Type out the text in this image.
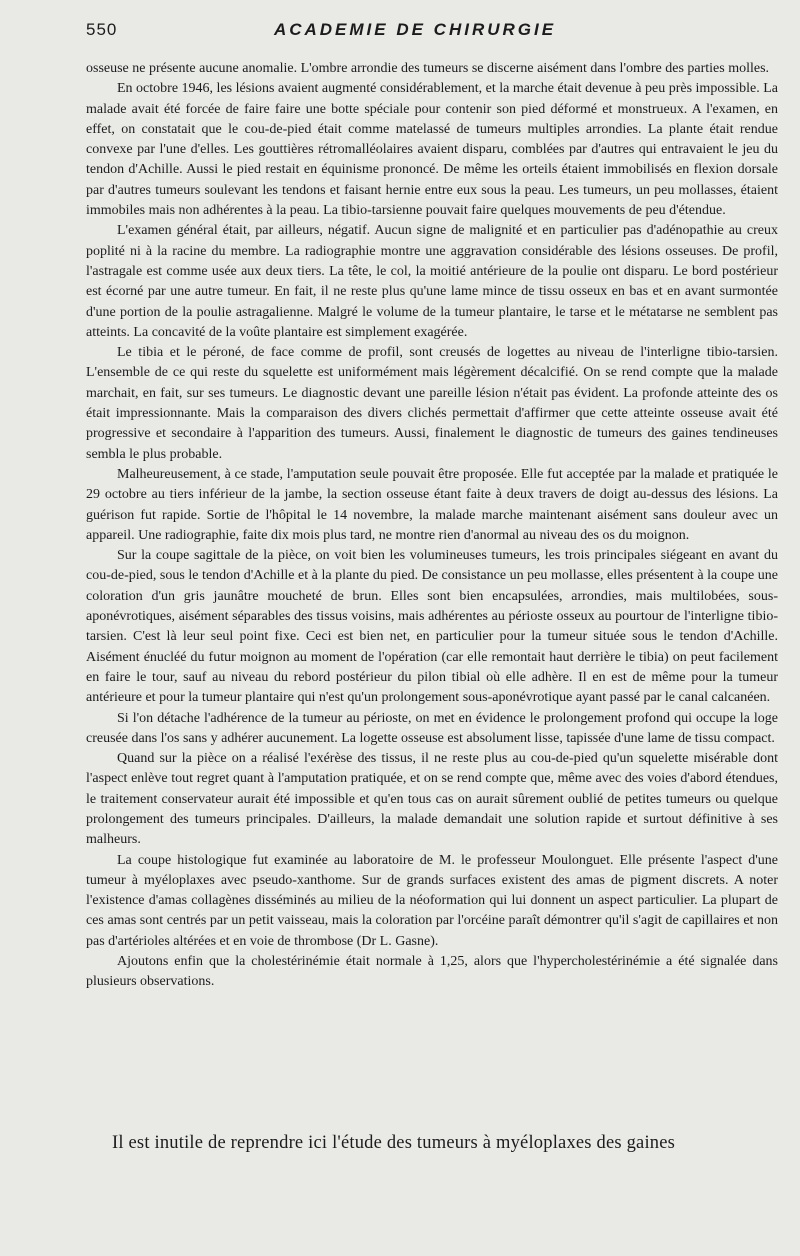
550	ACADEMIE DE CHIRURGIE

osseuse ne présente aucune anomalie. L'ombre arrondie des tumeurs se discerne aisément dans l'ombre des parties molles.

En octobre 1946, les lésions avaient augmenté considérablement, et la marche était devenue à peu près impossible. La malade avait été forcée de faire faire une botte spéciale pour contenir son pied déformé et monstrueux. A l'examen, en effet, on constatait que le cou-de-pied était comme matelassé de tumeurs multiples arrondies. La plante était rendue convexe par l'une d'elles. Les gouttières rétromalléolaires avaient disparu, comblées par d'autres qui entravaient le jeu du tendon d'Achille. Aussi le pied restait en équinisme prononcé. De même les orteils étaient immobilisés en flexion dorsale par d'autres tumeurs soulevant les tendons et faisant hernie entre eux sous la peau. Les tumeurs, un peu mollasses, étaient immobiles mais non adhérentes à la peau. La tibio-tarsienne pouvait faire quelques mouvements de peu d'étendue.

L'examen général était, par ailleurs, négatif. Aucun signe de malignité et en particulier pas d'adénopathie au creux poplité ni à la racine du membre. La radiographie montre une aggravation considérable des lésions osseuses. De profil, l'astragale est comme usée aux deux tiers. La tête, le col, la moitié antérieure de la poulie ont disparu. Le bord postérieur est écorné par une autre tumeur. En fait, il ne reste plus qu'une lame mince de tissu osseux en bas et en avant surmontée d'une portion de la poulie astragalienne. Malgré le volume de la tumeur plantaire, le tarse et le métatarse ne semblent pas atteints. La concavité de la voûte plantaire est simplement exagérée.

Le tibia et le péroné, de face comme de profil, sont creusés de logettes au niveau de l'interligne tibio-tarsien. L'ensemble de ce qui reste du squelette est uniformément mais légèrement décalcifié. On se rend compte que la malade marchait, en fait, sur ses tumeurs. Le diagnostic devant une pareille lésion n'était pas évident. La profonde atteinte des os était impressionnante. Mais la comparaison des divers clichés permettait d'affirmer que cette atteinte osseuse avait été progressive et secondaire à l'apparition des tumeurs. Aussi, finalement le diagnostic de tumeurs des gaines tendineuses sembla le plus probable.

Malheureusement, à ce stade, l'amputation seule pouvait être proposée. Elle fut acceptée par la malade et pratiquée le 29 octobre au tiers inférieur de la jambe, la section osseuse étant faite à deux travers de doigt au-dessus des lésions. La guérison fut rapide. Sortie de l'hôpital le 14 novembre, la malade marche maintenant aisément sans douleur avec un appareil. Une radiographie, faite dix mois plus tard, ne montre rien d'anormal au niveau des os du moignon.

Sur la coupe sagittale de la pièce, on voit bien les volumineuses tumeurs, les trois principales siégeant en avant du cou-de-pied, sous le tendon d'Achille et à la plante du pied. De consistance un peu mollasse, elles présentent à la coupe une coloration d'un gris jaunâtre moucheté de brun. Elles sont bien encapsulées, arrondies, mais multilobées, sous-aponévrotiques, aisément séparables des tissus voisins, mais adhérentes au périoste osseux au pourtour de l'interligne tibio-tarsien. C'est là leur seul point fixe. Ceci est bien net, en particulier pour la tumeur située sous le tendon d'Achille. Aisément énucléé du futur moignon au moment de l'opération (car elle remontait haut derrière le tibia) on peut facilement en faire le tour, sauf au niveau du rebord postérieur du pilon tibial où elle adhère. Il en est de même pour la tumeur antérieure et pour la tumeur plantaire qui n'est qu'un prolongement sous-aponévrotique ayant passé par le canal calcanéen.

Si l'on détache l'adhérence de la tumeur au périoste, on met en évidence le prolongement profond qui occupe la loge creusée dans l'os sans y adhérer aucunement. La logette osseuse est absolument lisse, tapissée d'une lame de tissu compact.

Quand sur la pièce on a réalisé l'exérèse des tissus, il ne reste plus au cou-de-pied qu'un squelette misérable dont l'aspect enlève tout regret quant à l'amputation pratiquée, et on se rend compte que, même avec des voies d'abord étendues, le traitement conservateur aurait été impossible et qu'en tous cas on aurait sûrement oublié de petites tumeurs ou quelque prolongement des tumeurs principales. D'ailleurs, la malade demandait une solution rapide et surtout définitive à ses malheurs.

La coupe histologique fut examinée au laboratoire de M. le professeur Moulonguet. Elle présente l'aspect d'une tumeur à myéloplaxes avec pseudo-xanthome. Sur de grands surfaces existent des amas de pigment discrets. A noter l'existence d'amas collagènes disséminés au milieu de la néoformation qui lui donnent un aspect particulier. La plupart de ces amas sont centrés par un petit vaisseau, mais la coloration par l'orcéine paraît démontrer qu'il s'agit de capillaires et non pas d'artérioles altérées et en voie de thrombose (Dr L. Gasne).

Ajoutons enfin que la cholestérinémie était normale à 1,25, alors que l'hypercholestérinémie a été signalée dans plusieurs observations.

Il est inutile de reprendre ici l'étude des tumeurs à myéloplaxes des gaines
